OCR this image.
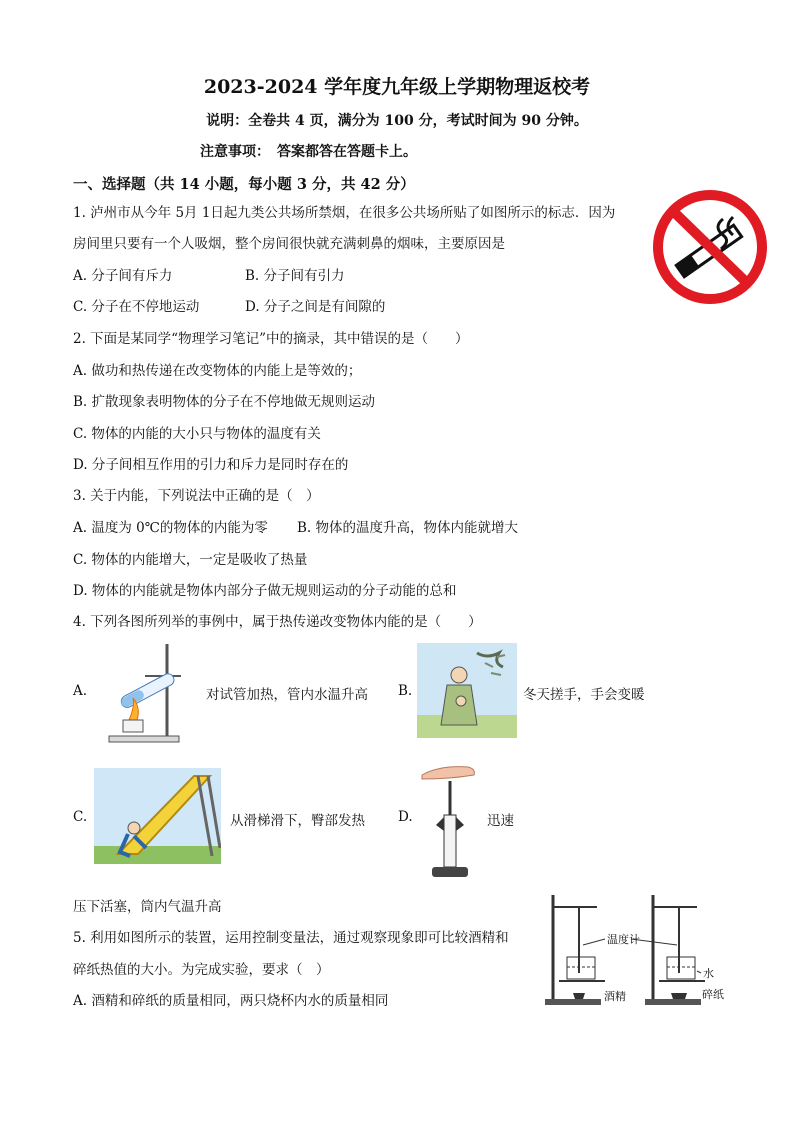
2023-2024 学年度九年级上学期物理返校考
说明：全卷共 4 页，满分为 100 分，考试时间为 90 分钟。
注意事项：　答案都答在答题卡上。
一、选择题（共 14 小题，每小题 3 分，共 42 分）
1. 泸州市从今年 5月 1日起九类公共场所禁烟，在很多公共场所贴了如图所示的标志．因为
房间里只要有一个人吸烟，整个房间很快就充满刺鼻的烟味，主要原因是
A. 分子间有斥力	B. 分子间有引力
C. 分子在不停地运动	D. 分子之间是有间隙的
2. 下面是某同学“物理学习笔记”中的摘录，其中错误的是（　　）
A. 做功和热传递在改变物体的内能上是等效的；
B. 扩散现象表明物体的分子在不停地做无规则运动
C. 物体的内能的大小只与物体的温度有关
D. 分子间相互作用的引力和斥力是同时存在的
3. 关于内能，下列说法中正确的是（　）
A. 温度为 0℃的物体的内能为零 B. 物体的温度升高，物体内能就增大
C. 物体的内能增大，一定是吸收了热量
D. 物体的内能就是物体内部分子做无规则运动的分子动能的总和
4. 下列各图所列举的事例中，属于热传递改变物体内能的是（　　）
A.	对试管加热，管内水温升高 B.	冬天搓手，手会变暖
C.	从滑梯滑下，臀部发热 D.	迅速
压下活塞，筒内气温升高
5. 利用如图所示的装置，运用控制变量法，通过观察现象即可比较酒精和
碎纸热值的大小。为完成实验，要求（　）
A. 酒精和碎纸的质量相同，两只烧杯内水的质量相同
温度计
水
酒精	碎纸
